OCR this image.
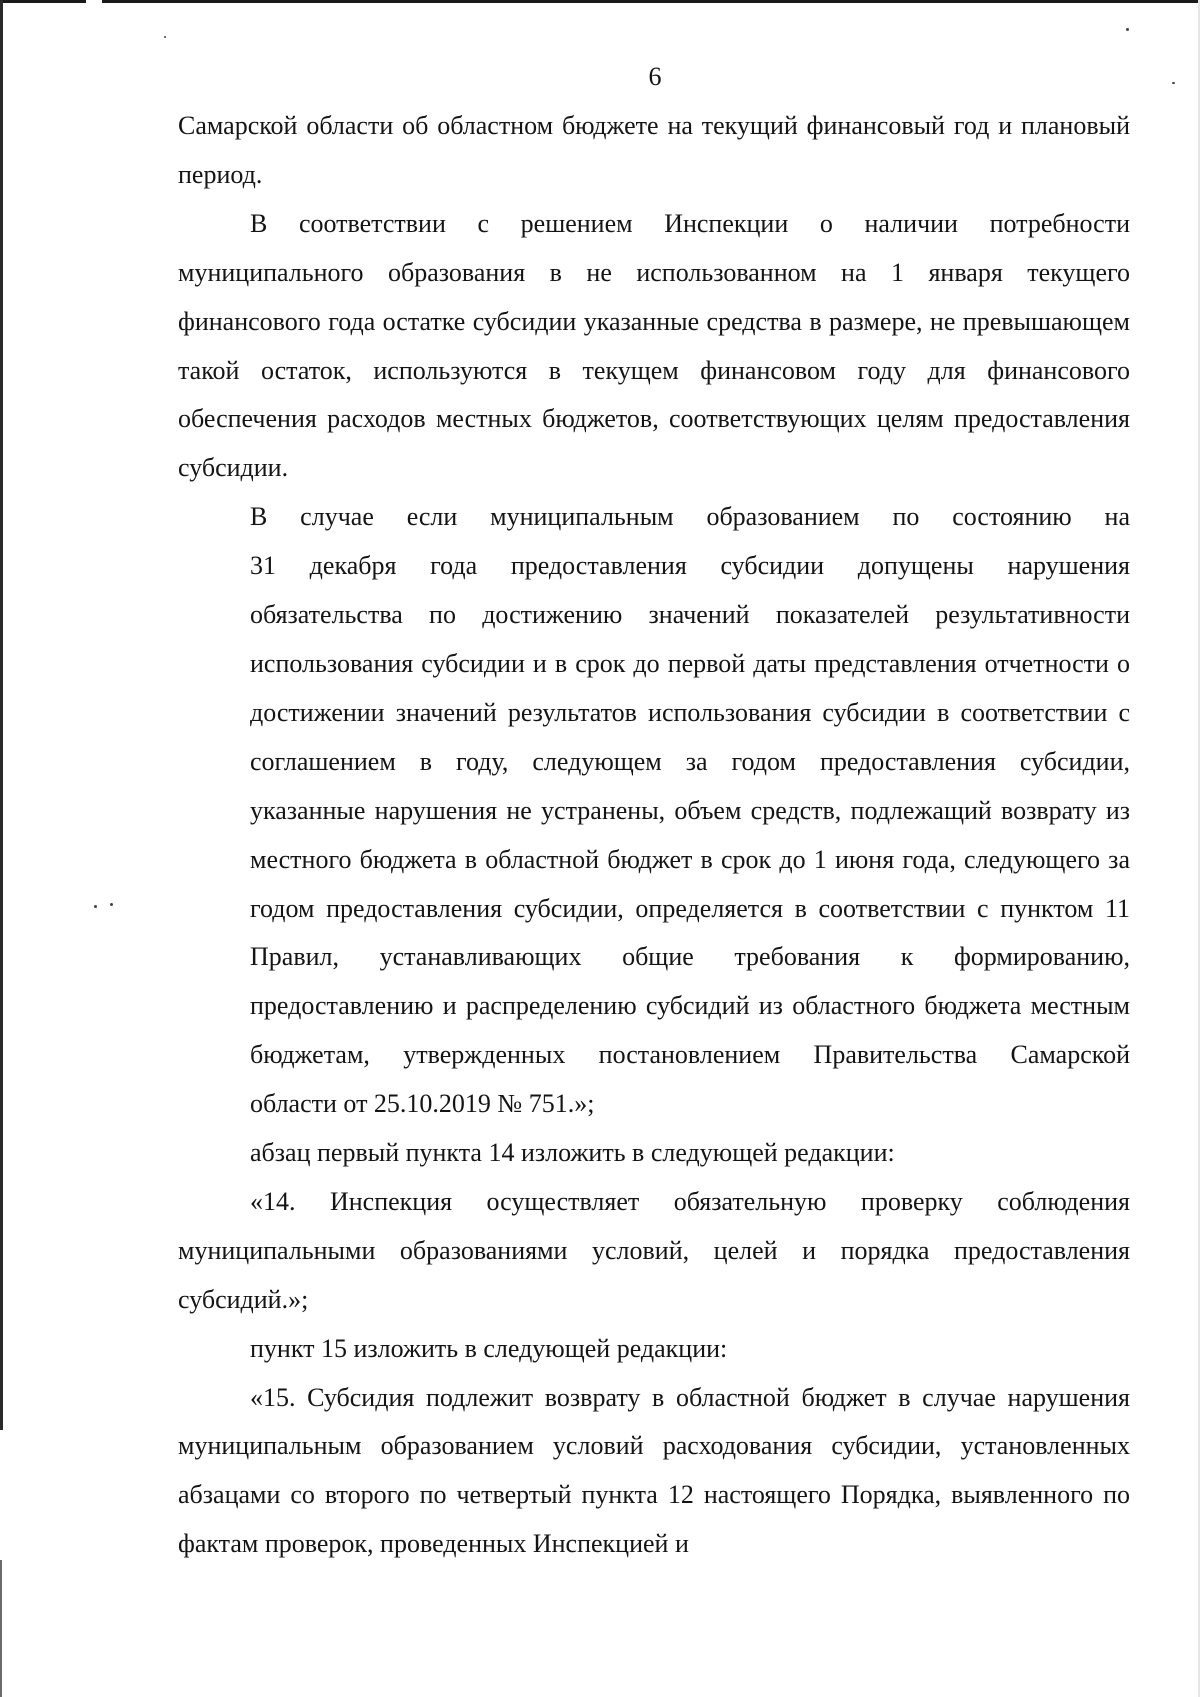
6

Самарской области об областном бюджете на текущий финансовый год и плановый период.

В соответствии с решением Инспекции о наличии потребности муниципального образования в не использованном на 1 января текущего финансового года остатке субсидии указанные средства в размере, не превышающем такой остаток, используются в текущем финансовом году для финансового обеспечения расходов местных бюджетов, соответствующих целям предоставления субсидии.

В случае если муниципальным образованием по состоянию на
31 декабря года предоставления субсидии допущены нарушения
обязательства по достижению значений показателей результативности
использования субсидии и в срок до первой даты представления отчетности о
достижении значений результатов использования субсидии в соответствии с
соглашением в году, следующем за годом предоставления субсидии,
указанные нарушения не устранены, объем средств, подлежащий возврату из
местного бюджета в областной бюджет в срок до 1 июня года, следующего за
годом предоставления субсидии, определяется в соответствии с пунктом 11
Правил, устанавливающих общие требования к формированию,
предоставлению и распределению субсидий из областного бюджета местным
бюджетам, утвержденных постановлением Правительства Самарской
области от 25.10.2019 № 751.»;

абзац первый пункта 14 изложить в следующей редакции:

«14. Инспекция осуществляет обязательную проверку соблюдения муниципальными образованиями условий, целей и порядка предоставления субсидий.»;

пункт 15 изложить в следующей редакции:

«15. Субсидия подлежит возврату в областной бюджет в случае нарушения муниципальным образованием условий расходования субсидии, установленных абзацами со второго по четвертый пункта 12 настоящего Порядка, выявленного по фактам проверок, проведенных Инспекцией и
